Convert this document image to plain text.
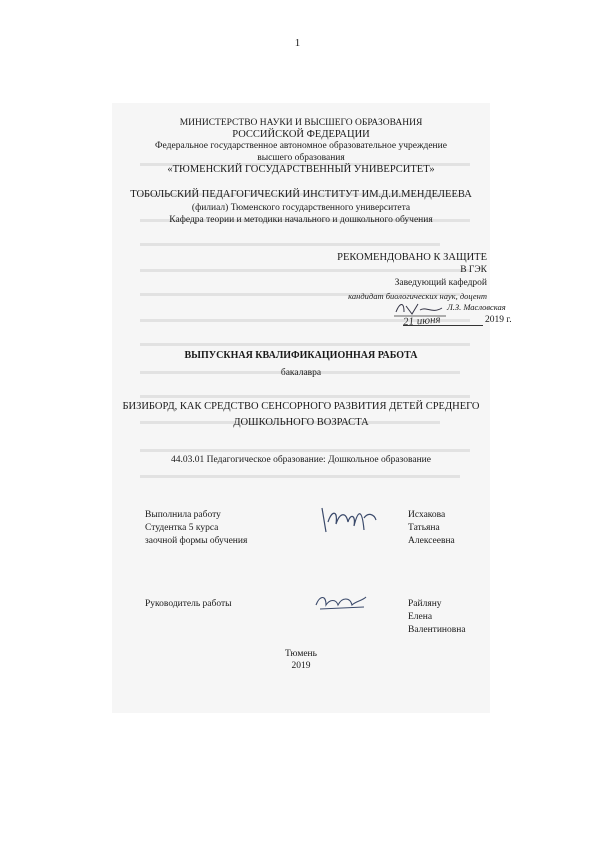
1
МИНИСТЕРСТВО НАУКИ И ВЫСШЕГО ОБРАЗОВАНИЯ
РОССИЙСКОЙ ФЕДЕРАЦИИ
Федеральное государственное автономное образовательное учреждение
высшего образования
«ТЮМЕНСКИЙ ГОСУДАРСТВЕННЫЙ УНИВЕРСИТЕТ»
ТОБОЛЬСКИЙ ПЕДАГОГИЧЕСКИЙ ИНСТИТУТ ИМ.Д.И.МЕНДЕЛЕЕВА
(филиал) Тюменского государственного университета
Кафедра теории и методики начального и дошкольного обучения
РЕКОМЕНДОВАНО К ЗАЩИТЕ
В ГЭК
Заведующий кафедрой
кандидат биологических наук, доцент
Л.З. Масловская
21 июня	2019 г.
ВЫПУСКНАЯ КВАЛИФИКАЦИОННАЯ РАБОТА
бакалавра
БИЗИБОРД, КАК СРЕДСТВО СЕНСОРНОГО РАЗВИТИЯ ДЕТЕЙ СРЕДНЕГО
ДОШКОЛЬНОГО ВОЗРАСТА
44.03.01 Педагогическое образование: Дошкольное образование
Выполнила работу
Студентка 5 курса
заочной формы обучения
Исхакова
Татьяна
Алексеевна
Руководитель работы	Райляну
Елена
Валентиновна
Тюмень
2019
